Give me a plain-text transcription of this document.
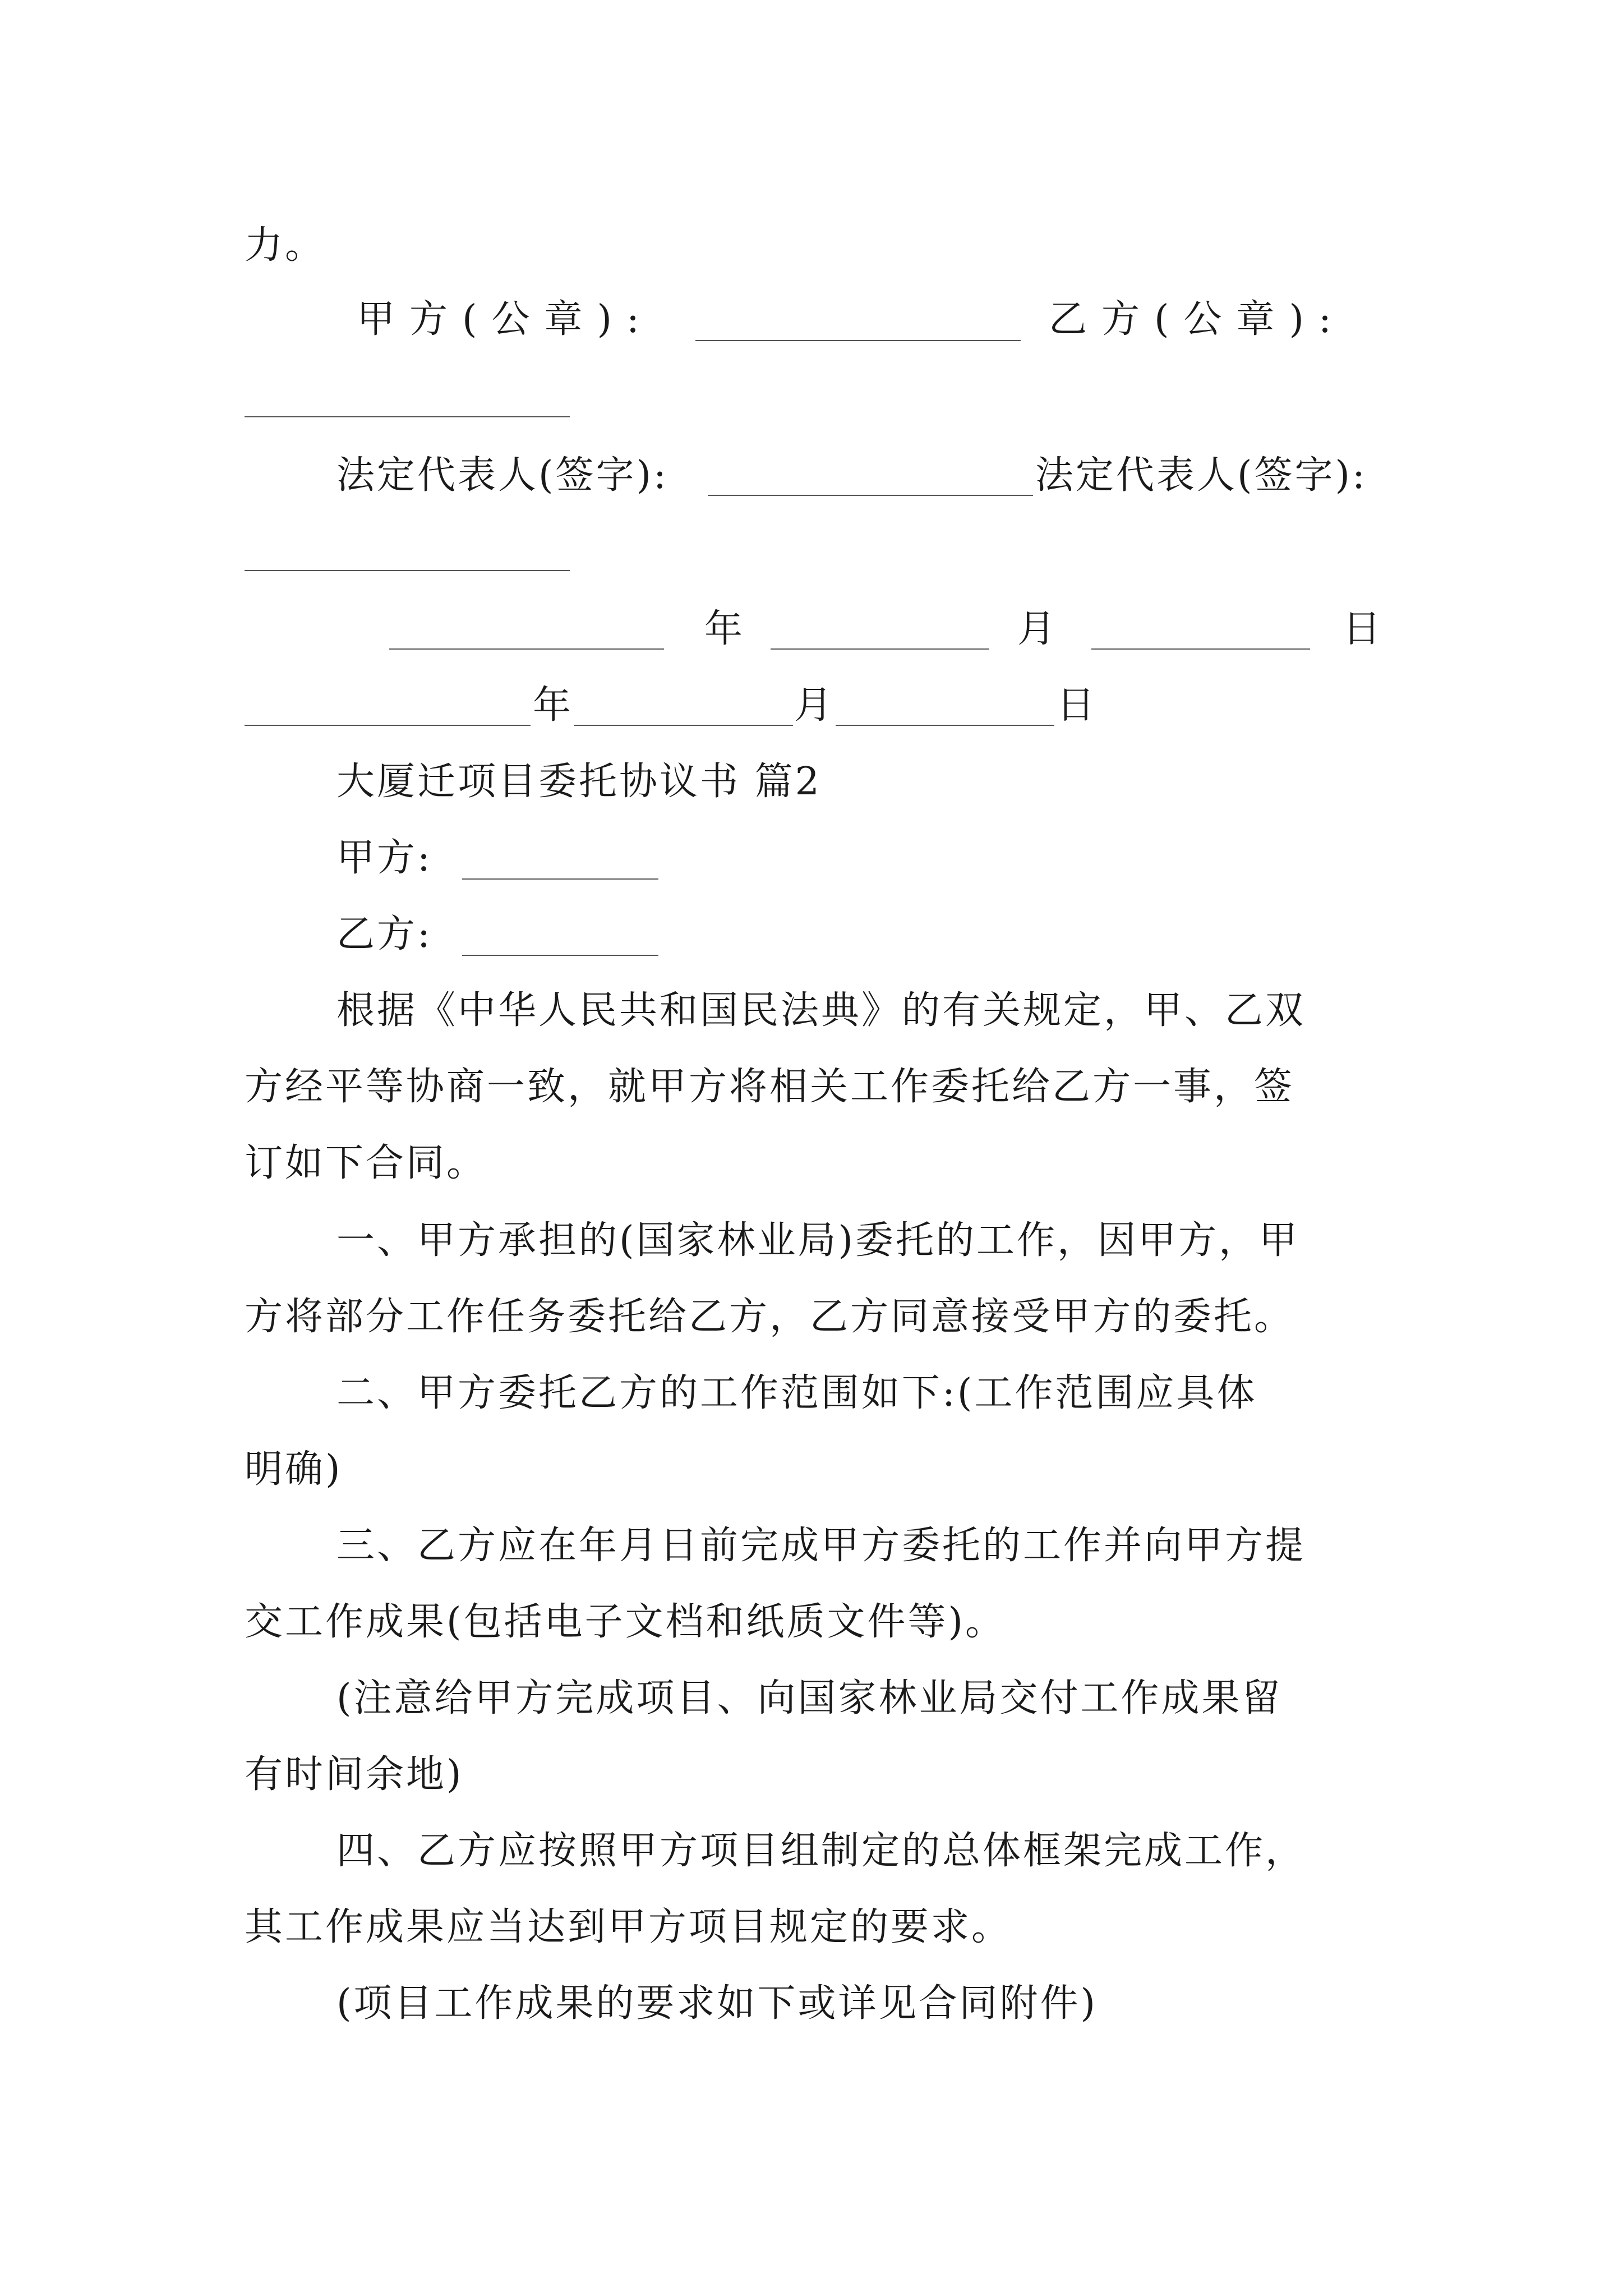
力。
甲方(公章):	乙方(公章):
法定代表人(签字):	法定代表人(签字):
年	月	日
年	月	日
大厦迁项目委托协议书 篇2
甲方:
乙方:
根据《中华人民共和国民法典》的有关规定，甲、乙双
方经平等协商一致，就甲方将相关工作委托给乙方一事，签
订如下合同。
一、甲方承担的(国家林业局)委托的工作，因甲方，甲
方将部分工作任务委托给乙方，乙方同意接受甲方的委托。
二、甲方委托乙方的工作范围如下:(工作范围应具体
明确)
三、乙方应在年月日前完成甲方委托的工作并向甲方提
交工作成果(包括电子文档和纸质文件等)。
(注意给甲方完成项目、向国家林业局交付工作成果留
有时间余地)
四、乙方应按照甲方项目组制定的总体框架完成工作，
其工作成果应当达到甲方项目规定的要求。
(项目工作成果的要求如下或详见合同附件)
